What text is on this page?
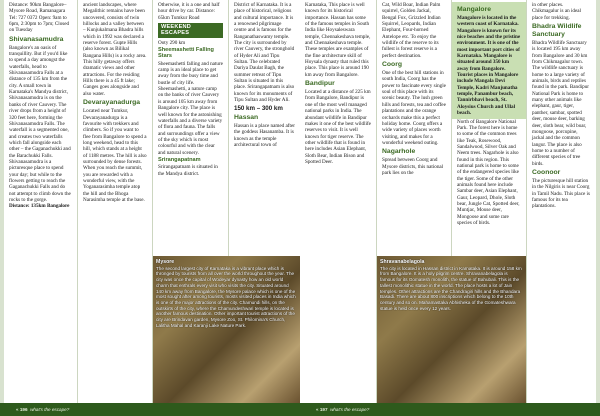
Distance: 90km Bangalore–Mysore Road, Ramanagara Tel: 727 0372 Open: 9am to 6pm, 2:30pm to 7pm; Closed on Tuesday

Shivanasamudra

Bangalore's an oasis of tranquillity. But if you'd like to spend a day amongst the waterfalls, head to Shivanasamudra Falls at a distance of 135 km from the city. A small town in Karnataka's Mandya district, Shivanasamudra is on the banks of river Cauvery. The river drops from a height of 320 feet here, forming the Shivanasamudra Falls. The waterfall is a segmented one, and creates two waterfalls which fall alongside each other – the Gaganachukki and the Barachukki Falls. Shivanasamudra is a picturesque place to spend your day; but while to the flowers getting to reach the Gaganachukki Falls and do not attempt to climb down the rocks to the gorge.

Distance: 135km Bangalore

ancient landscapes, where Megalithic remains have been uncovered, consists of twin hillocks and a valley between – Kunjukalmana Bhadra hills which in 1992 was declared a reserve forest. Gupte Hills (also known as Bilikal Rangana Hills) is a rocky area. This hilly getaway offers dramatic views and other attractions. For the residing Hills there is a 45 ft lake; Ganges goes alongside and also water.

Devarayanadurga

Located near Tumkur, Devarayanadurga is a favourite with trekkers and climbers. So if you want to flee from Bangalore to spend a long weekend, head to this hill, which stands at a height of 1188 metres. The hill is also surrounded by dense forests. When you reach the summit, you are rewarded with a wonderful view, with the Yoganarasimha temple atop the hill and the Bhoga Narasimha temple at the base.

Otherwise, it is a one and half hour drive by car. Distance: 65km Tumkur Road

WEEKEND ESCAPES

Ooty 290 km

Sheemashetti Falling Stars

Sheemashetti falling and nature camp is an ideal place to get away from the busy time and bustle of city life. Sheemashetti, a nature camp on the banks of river Cauvery is around 105 km away from Bangalore city. The place is well known for the astonishing waterfalls and a diverse variety of flora and fauna. The falls and surroundings offer a view of the sky which is most colourful and with the clear and natural scenery.

Srirangapatnam

Srirangapatnam is situated in the Mandya district.

District of Karnataka. It is a place of historical, religious and cultural importance. It is a renowned pilgrimage centre and is famous for the Ranganathaswamy temple. The city is surrounded by river Cauvery, the stronghold of Hyder Ali and Tipu Sultan. The celebrated Dariya Daulat Bagh, the summer retreat of Tipu Sultan is situated in this place. Srirangapatnam is also known for its monuments of Tipu Sultan and Hyder Ali.

150 km – 300 km
Hassan

Hassan is a place named after the goddess Hasanamba. It is known as the temple architectural town of

Mysore
The second largest city of Karnataka is a vibrant place which is thronged by tourists from all over the world throughout the year. The city was once the capital of Wodeyar dynasty how an old world charm that enthrals every visit who visits the city. Situated around 140 km away from Bangalore, the Mysore palace which is one of the most sought after among tourists, mosts visited places in India which is one of the major attractions of the city. Chamundi hills, on the outskirts of the city, where the Chamundeshwari temple is located is another famous destination. Other important tourist attractions of the city are Brindavan garden, Mysore Zoo, St. Philomina's Church, Lalitha Mahal and Karanji Lake Nature Park.

Karnataka, This place is well known for its historical importance. Hassan has some of the famous temples in South India like Hoysaleswara temple, Chennakeshava temple, and Chennakeshava temple. These temples are examples of the fine architecture skill of Hoysala dynasty that ruled this place. This place is around 190 km away from Bangalore.

Bandipur

Located at a distance of 225 km from Bangalore, Bandipur is one of the most well managed national parks in India. The abundant wildlife in Bandipur makes it one of the best wildlife reserves to visit. It is well known for tiger reserve. The other wildlife that is found in here includes Asian Elephant, Sloth Bear, Indian Bison and Spotted Deer.

Cat, Wild Boar, Indian Palm squirrel, Golden Jackal, Bengal Fox, Grizzled Indian Squirrel, Leopards, Indian Elephant, Four-horned Antelope etc. To enjoy the wildlife of the reserve to its fullest is forest reserve is a perfect destination.

Coorg

One of the best hill stations in south India, Coorg has the power to fascinate every single soul of this place with its scenic beauty. The lush green hills and forests, tea and coffee plantations and the orange orchards make this a perfect holiday home. Coorg offers a wide variety of places worth visiting, and makes for a wonderful weekend outing.

Nagarhole

Spread between Coorg and Mysore districts, this national park lies on the

Mangalore

Mangalore is located in the western coast of Karnataka. Mangalore is known for its nice beaches and the pristine environment. It is one of the most important port cities of Karnataka. Mangalore is situated around 350 km away from Bangalore. Tourist places in Mangalore include Mangala Devi Temple, Kadri Manjunatha temple, Panambur beach, Tannirbhavi beach, St. Aloysius Church and Ullal beach.

North of Bangalore National Park. The forest here is home to some of the common trees like Teak, Rosewood, Sandalwood, Silver Oak and Neem trees. Nagarhole is also found in this region. This national park is home to some of the endangered species like the tiger. Some of the other animals found here include Sambar deer, Asian Elephant, Gaur, Leopard, Dhole, Sloth bear, Jungle Cat, Spotted deer, Muntjac, Mouse deer, Mongoose and some rare species of birds.

in other places. Chikmagalur is an ideal place for trekking.

Bhadra Wildlife Sanctuary

Bhadra Wildlife Sanctuary is located 195 km away from Bangalore and 30 km from Chikmagalur town. The wildlife sanctuary is home to a large variety of animals, birds and reptiles found in the park. Bandipur National Park is home to many other animals like elephant, gaur, tiger, panther, sambar, spotted deer, mouse deer, barking deer, sloth bear, wild boar, mongoose, porcupine, jackal and the common langur. The place is also home to a number of different species of tree birds.

Coonoor

The picturesque hill station in the Nilgiris is near Coorg in Tamil Nadu. This place is famous for its tea plantations.

Shravanabelagola
The city is located in Hassan district in Karnataka. It is around 158 km from Bangalore. It is a holy pilgrim centre. Shravanabelagola is famous for its Gomatesh monolith, the statue of Bahubali. This is the tallest monolithic statue in the world. The place hosts a lot of Jain temples. Other attractions are the Chandragiri hills and the Bhandara Basadi. There are about 800 inscriptions which belong to the 10th century and so on. Mahamastaka Abhisheka of the Gomateshwara statue is held once every 12 years.
« 196 what's the escape?	« 197 what's the escape?
